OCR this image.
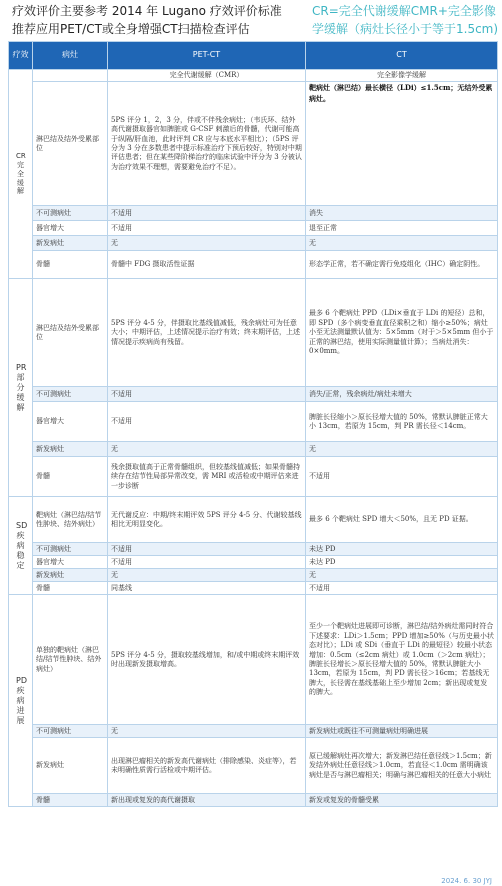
疗效评价主要参考 2014 年 Lugano 疗效评价标准
推荐应用PET/CT或全身增强CT扫描检查评估
CR=完全代谢缓解CMR+完全影像
学缓解（病灶长径小于等于1.5cm)
疗效	病灶	PET-CT	CT

CR完全缓解		完全代谢缓解（CMR）	完全影像学缓解
	淋巴结及结外受累部位	5PS 评分 1，2，3 分，伴或不伴残余病灶；（韦氏环、结外高代谢摄取器官如脾脏或 G-CSF 刺激后的骨髓，代谢可能高于纵隔/肝血池，此时评判 CR 应与本底水平相比）；（5PS 评分为 3 分在多数患者中提示标准治疗下预后较好，特别对中期评估患者；但在某些降阶梯治疗的临床试验中评分为 3 分被认为治疗效果不理想，需要避免治疗不足）。	靶病灶（淋巴结）最长横径（LDi）≤1.5cm；无结外受累病灶。
	不可测病灶	不适用	消失
	器官增大	不适用	退至正常
	新发病灶	无	无
	骨髓	骨髓中 FDG 摄取活性证据	形态学正常，若不确定需行免疫组化（IHC）确定阴性。

PR部分缓解	淋巴结及结外受累部位	5PS 评分 4-5 分，伴摄取比基线值减低，残余病灶可为任意大小；中期评估，上述情况提示治疗有效；终末期评估，上述情况提示疾病尚有残留。	最多 6 个靶病灶 PPD（LDi×垂直于 LDi 的短径）总和，即 SPD（多个病变垂直直径乘积之和）缩小≥50%；病灶小至无法测量默认值为：5×5mm（对于＞5×5mm 但小于正常的淋巴结，使用实际测量值计算）；当病灶消失：0×0mm。
	不可测病灶	不适用	消失/正常，残余病灶/病灶未增大
	器官增大	不适用	脾脏长径缩小＞原长径增大值的 50%，常默认脾脏正常大小 13cm，若原为 15cm，判 PR 需长径＜14cm。
	新发病灶	无	无
	骨髓	残余摄取值高于正常骨髓组织，但较基线值减低；如果骨髓持续存在结节性局部异常改变，需 MRI 或活检或中期评估来进一步诊断	不适用

SD疾病稳定	靶病灶（淋巴结/结节性肿块、结外病灶）	无代谢反应：中期/终末期评效 5PS 评分 4-5 分、代谢较基线相比无明显变化。	最多 6 个靶病灶 SPD 增大＜50%，且无 PD 证据。
	不可测病灶	不适用	未达 PD
	器官增大	不适用	未达 PD
	新发病灶	无	无
	骨髓	同基线	不适用

PD疾病进展	单独的靶病灶（淋巴结/结节性肿块、结外病灶）	5PS 评分 4-5 分，摄取较基线增加，和/或中期或终末期评效时出现新发摄取增高。	至少一个靶病灶进展即可诊断，淋巴结/结外病灶需同时符合下述要求：LDi＞1.5cm；PPD 增加≥50%（与历史最小状态对比）；LDi 或 SDi（垂直于 LDi 的最短径）较最小状态增加：0.5cm（≤2cm 病灶）或 1.0cm（＞2cm 病灶）；脾脏长径增长＞原长径增大值的 50%，常默认脾脏大小 13cm，若原为 15cm，判 PD 需长径＞16cm；若基线无脾大，长径需在基线基础上至少增加 2cm；新出现或复发的脾大。
	不可测病灶	无	新发病灶或既往不可测量病灶明确进展
	新发病灶	出现淋巴瘤相关的新发高代谢病灶（排除感染、炎症等），若未明确性质需行活检或中期评估。	原已缓解病灶再次增大；新发淋巴结任意径线＞1.5cm；新发结外病灶任意径线＞1.0cm，若直径＜1.0cm 需明确该病灶是否与淋巴瘤相关；明确与淋巴瘤相关的任意大小病灶
	骨髓	新出现或复发的高代谢摄取	新发或复发的骨髓受累
2024. 6. 30 JYJ
